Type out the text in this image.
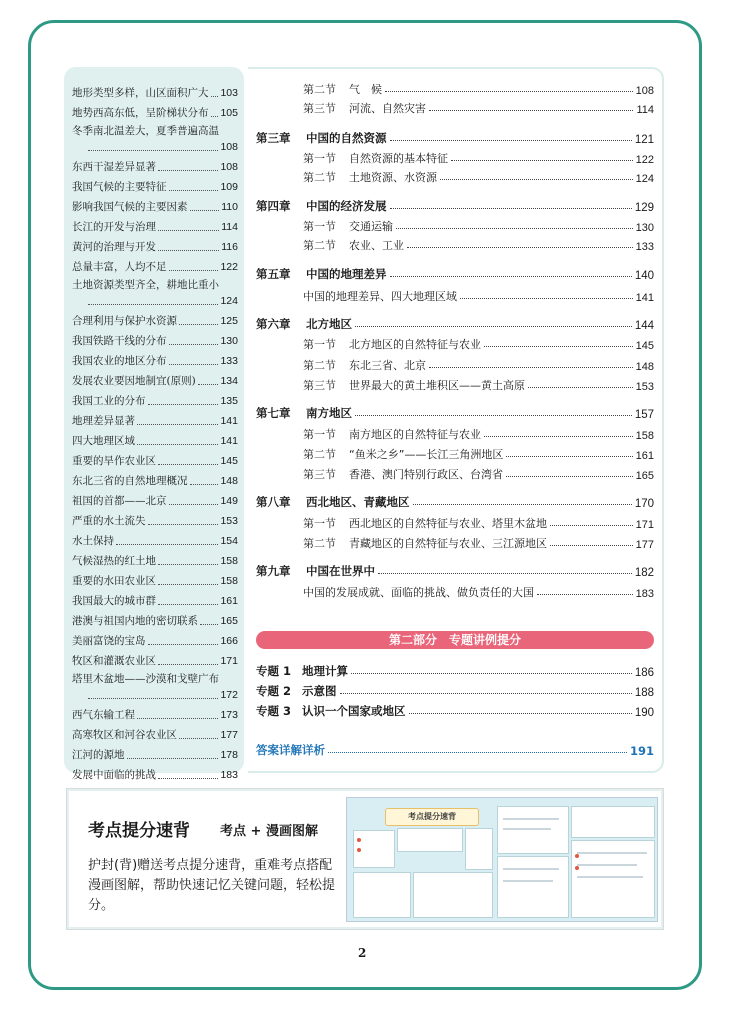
地形类型多样，山区面积广大 103
地势西高东低，呈阶梯状分布 105
冬季南北温差大，夏季普遍高温
108
东西干湿差异显著	108
我国气候的主要特征	109
影响我国气候的主要因素	110
长江的开发与治理	114
黄河的治理与开发	116
总量丰富，人均不足	122
土地资源类型齐全，耕地比重小
124
合理利用与保护水资源	125
我国铁路干线的分布	130
我国农业的地区分布	133
发展农业要因地制宜(原则) 134
我国工业的分布	135
地理差异显著	141
四大地理区域	141
重要的旱作农业区	145
东北三省的自然地理概况	148
祖国的首都——北京	149
严重的水土流失	153
水土保持	154
气候湿热的红土地	158
重要的水田农业区	158
我国最大的城市群	161
港澳与祖国内地的密切联系 165
美丽富饶的宝岛	166
牧区和灌溉农业区	171
塔里木盆地——沙漠和戈壁广布
172
西气东输工程	173
高寒牧区和河谷农业区	177
江河的源地	178
发展中面临的挑战	183
第二节	气　候	108
第三节	河流、自然灾害	114
第三章	中国的自然资源	121
第一节	自然资源的基本特征	122
第二节	土地资源、水资源	124
第四章	中国的经济发展	129
第一节	交通运输	130
第二节	农业、工业	133
第五章	中国的地理差异	140
中国的地理差异、四大地理区域	141
第六章	北方地区	144
第一节	北方地区的自然特征与农业	145
第二节	东北三省、北京	148
第三节	世界最大的黄土堆积区——黄土高原	153
第七章	南方地区	157
第一节	南方地区的自然特征与农业	158
第二节	“鱼米之乡”——长江三角洲地区	161
第三节	香港、澳门特别行政区、台湾省	165
第八章	西北地区、青藏地区	170
第一节	西北地区的自然特征与农业、塔里木盆地	171
第二节	青藏地区的自然特征与农业、三江源地区	177
第九章	中国在世界中	182
中国的发展成就、面临的挑战、做负责任的大国	183
第二部分　专题讲例提分
专题 1 地理计算	186
专题 2 示意图	188
专题 3 认识一个国家或地区	190
答案详解详析	191
考点提分速背 考点 + 漫画图解
护封(背)赠送考点提分速背，重难考点搭配漫画图解，帮助快速记忆关键问题，轻松提分。
考点提分速背
2
